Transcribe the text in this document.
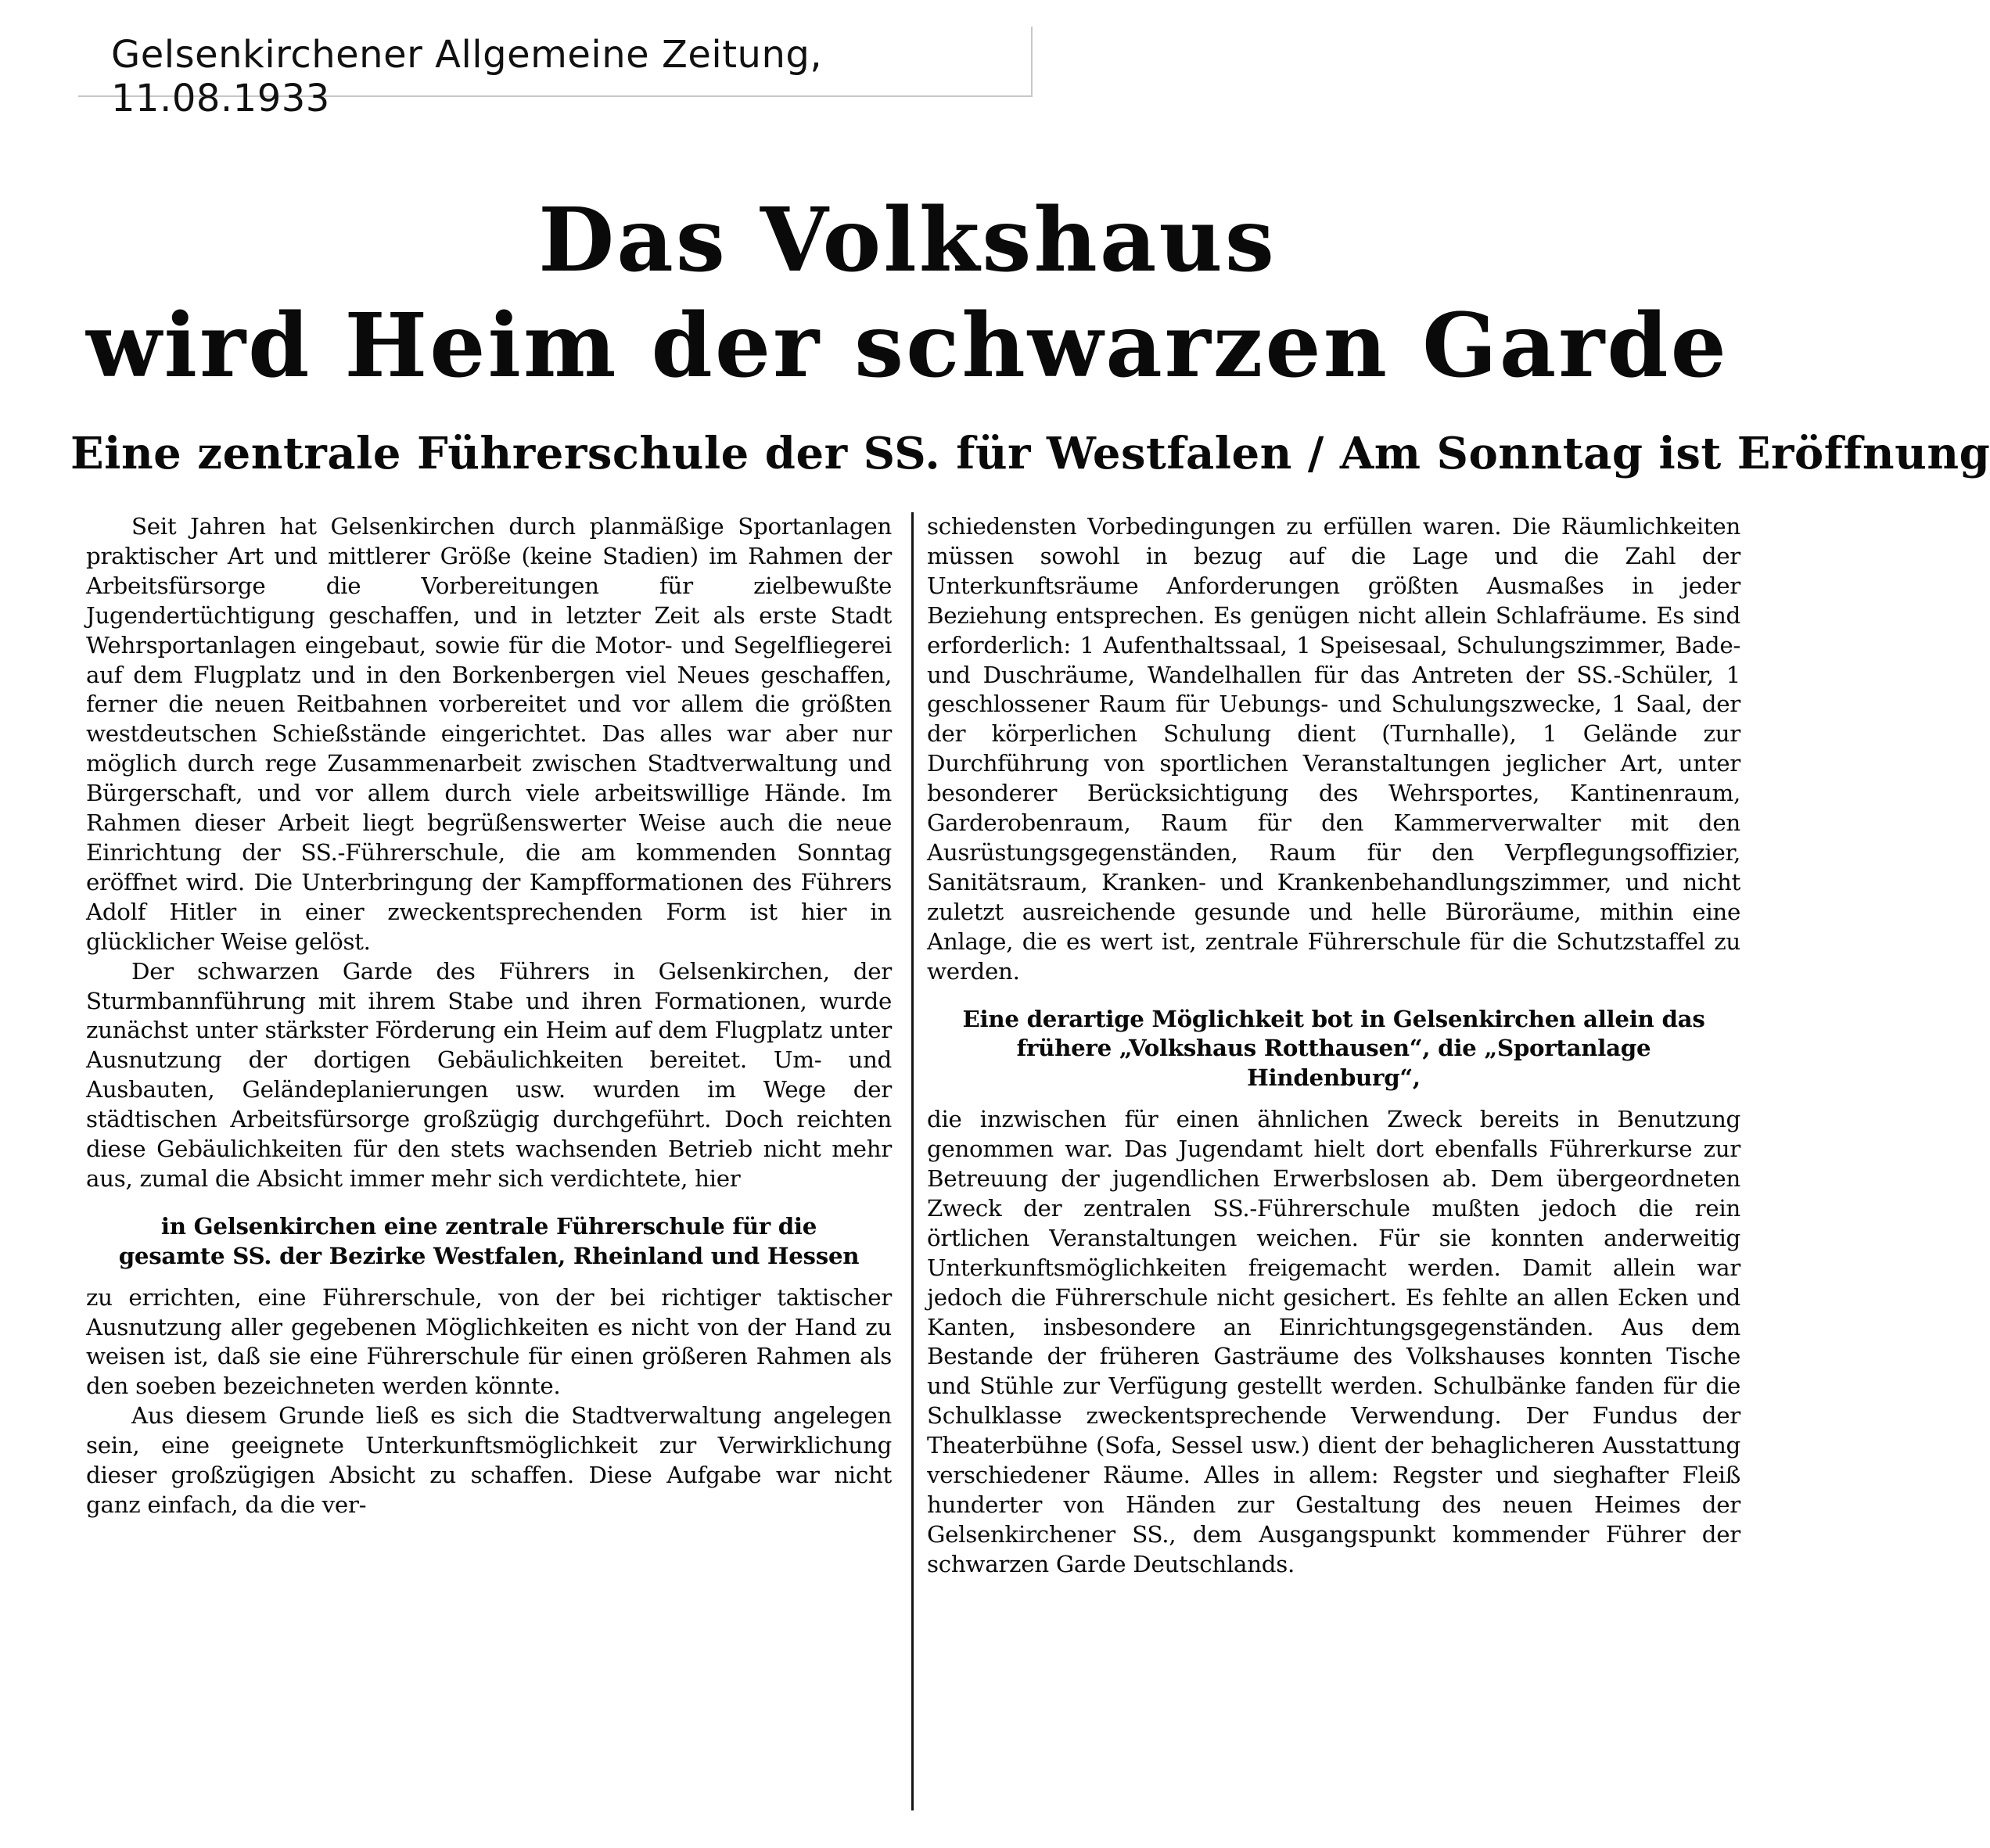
Gelsenkirchener Allgemeine Zeitung, 11.08.1933
Das Volkshaus
wird Heim der schwarzen Garde
Eine zentrale Führerschule der SS. für Westfalen / Am Sonntag ist Eröffnung

Seit Jahren hat Gelsenkirchen durch planmäßige Sportanlagen praktischer Art und mittlerer Größe (keine Stadien) im Rahmen der Arbeitsfürsorge die Vorbereitungen für zielbewußte Jugendertüchtigung geschaffen, und in letzter Zeit als erste Stadt Wehrsportanlagen eingebaut, sowie für die Motor- und Segelfliegerei auf dem Flugplatz und in den Borkenbergen viel Neues geschaffen, ferner die neuen Reitbahnen vorbereitet und vor allem die größten westdeutschen Schießstände eingerichtet. Das alles war aber nur möglich durch rege Zusammenarbeit zwischen Stadtverwaltung und Bürgerschaft, und vor allem durch viele arbeitswillige Hände. Im Rahmen dieser Arbeit liegt begrüßenswerter Weise auch die neue Einrichtung der SS.-Führerschule, die am kommenden Sonntag eröffnet wird. Die Unterbringung der Kampfformationen des Führers Adolf Hitler in einer zweckentsprechenden Form ist hier in glücklicher Weise gelöst.

Der schwarzen Garde des Führers in Gelsenkirchen, der Sturmbannführung mit ihrem Stabe und ihren Formationen, wurde zunächst unter stärkster Förderung ein Heim auf dem Flugplatz unter Ausnutzung der dortigen Gebäulichkeiten bereitet. Um- und Ausbauten, Geländeplanierungen usw. wurden im Wege der städtischen Arbeitsfürsorge großzügig durchgeführt. Doch reichten diese Gebäulichkeiten für den stets wachsenden Betrieb nicht mehr aus, zumal die Absicht immer mehr sich verdichtete, hier

in Gelsenkirchen eine zentrale Führerschule für die gesamte SS. der Bezirke Westfalen, Rheinland und Hessen

zu errichten, eine Führerschule, von der bei richtiger taktischer Ausnutzung aller gegebenen Möglichkeiten es nicht von der Hand zu weisen ist, daß sie eine Führerschule für einen größeren Rahmen als den soeben bezeichneten werden könnte.

Aus diesem Grunde ließ es sich die Stadtverwaltung angelegen sein, eine geeignete Unterkunftsmöglichkeit zur Verwirklichung dieser großzügigen Absicht zu schaffen. Diese Aufgabe war nicht ganz einfach, da die ver-

schiedensten Vorbedingungen zu erfüllen waren. Die Räumlichkeiten müssen sowohl in bezug auf die Lage und die Zahl der Unterkunftsräume Anforderungen größten Ausmaßes in jeder Beziehung entsprechen. Es genügen nicht allein Schlafräume. Es sind erforderlich: 1 Aufenthaltssaal, 1 Speisesaal, Schulungszimmer, Bade- und Duschräume, Wandelhallen für das Antreten der SS.-Schüler, 1 geschlossener Raum für Uebungs- und Schulungszwecke, 1 Saal, der der körperlichen Schulung dient (Turnhalle), 1 Gelände zur Durchführung von sportlichen Veranstaltungen jeglicher Art, unter besonderer Berücksichtigung des Wehrsportes, Kantinenraum, Garderobenraum, Raum für den Kammerverwalter mit den Ausrüstungsgegenständen, Raum für den Verpflegungsoffizier, Sanitätsraum, Kranken- und Krankenbehandlungszimmer, und nicht zuletzt ausreichende gesunde und helle Büroräume, mithin eine Anlage, die es wert ist, zentrale Führerschule für die Schutzstaffel zu werden.

Eine derartige Möglichkeit bot in Gelsenkirchen allein das frühere „Volkshaus Rotthausen“, die „Sportanlage Hindenburg“,

die inzwischen für einen ähnlichen Zweck bereits in Benutzung genommen war. Das Jugendamt hielt dort ebenfalls Führerkurse zur Betreuung der jugendlichen Erwerbslosen ab. Dem übergeordneten Zweck der zentralen SS.-Führerschule mußten jedoch die rein örtlichen Veranstaltungen weichen. Für sie konnten anderweitig Unterkunftsmöglichkeiten freigemacht werden. Damit allein war jedoch die Führerschule nicht gesichert. Es fehlte an allen Ecken und Kanten, insbesondere an Einrichtungsgegenständen. Aus dem Bestande der früheren Gasträume des Volkshauses konnten Tische und Stühle zur Verfügung gestellt werden. Schulbänke fanden für die Schulklasse zweckentsprechende Verwendung. Der Fundus der Theaterbühne (Sofa, Sessel usw.) dient der behaglicheren Ausstattung verschiedener Räume. Alles in allem: Regster und sieghafter Fleiß hunderter von Händen zur Gestaltung des neuen Heimes der Gelsenkirchener SS., dem Ausgangspunkt kommender Führer der schwarzen Garde Deutschlands.
